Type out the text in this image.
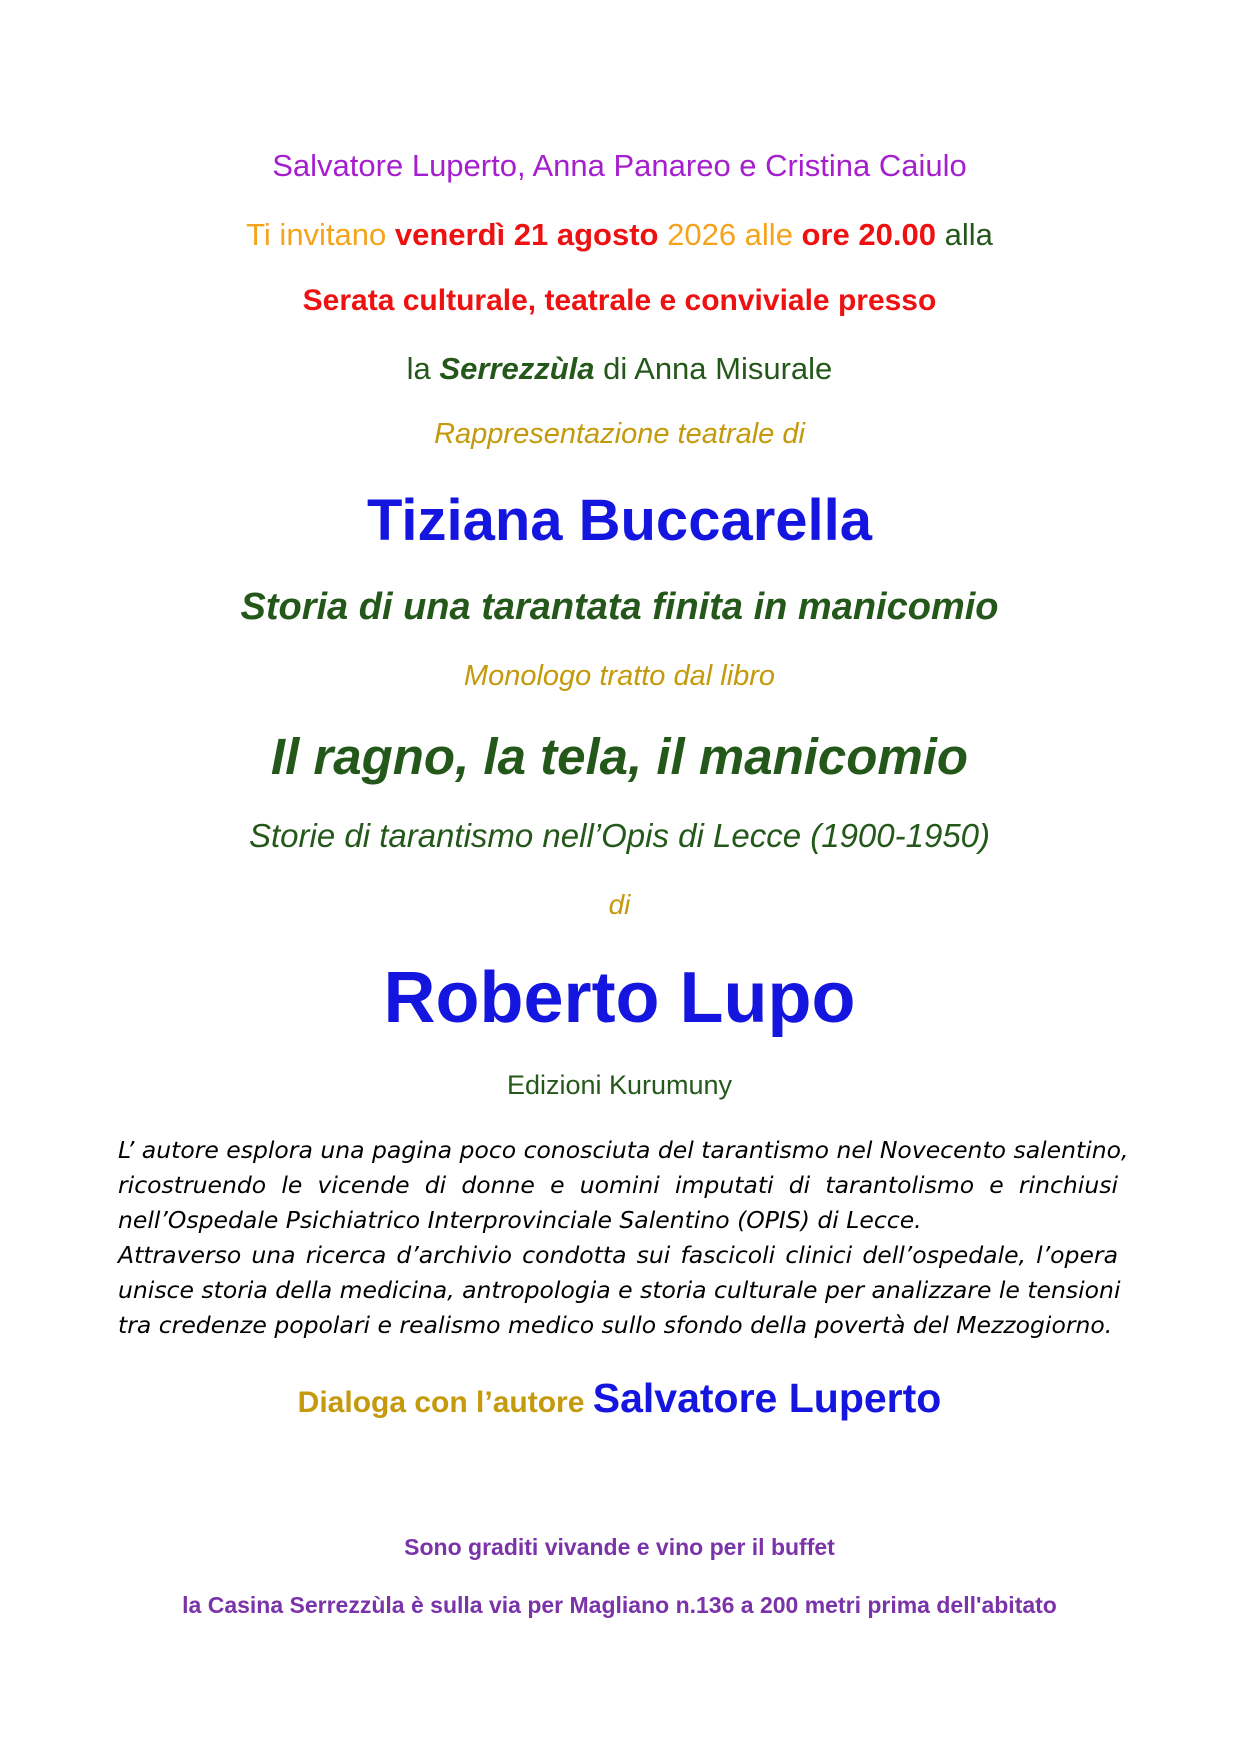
Salvatore Luperto, Anna Panareo e Cristina Caiulo
Ti invitano venerdì 21 agosto 2026 alle ore 20.00 alla
Serata culturale, teatrale e conviviale presso
la Serrezzùla di Anna Misurale
Rappresentazione teatrale di
Tiziana Buccarella
Storia di una tarantata finita in manicomio
Monologo tratto dal libro
Il ragno, la tela, il manicomio
Storie di tarantismo nell’Opis di Lecce (1900-1950)
di
Roberto Lupo
Edizioni Kurumuny
L’ autore esplora una pagina poco conosciuta del tarantismo nel Novecento salentino,
ricostruendo le vicende di donne e uomini imputati di tarantolismo e rinchiusi
nell’Ospedale Psichiatrico Interprovinciale Salentino (OPIS) di Lecce.
Attraverso una ricerca d’archivio condotta sui fascicoli clinici dell’ospedale, l’opera
unisce storia della medicina, antropologia e storia culturale per analizzare le tensioni
tra credenze popolari e realismo medico sullo sfondo della povertà del Mezzogiorno.
Dialoga con l’autore Salvatore Luperto
Sono graditi vivande e vino per il buffet
la Casina Serrezzùla è sulla via per Magliano n.136 a 200 metri prima dell'abitato
